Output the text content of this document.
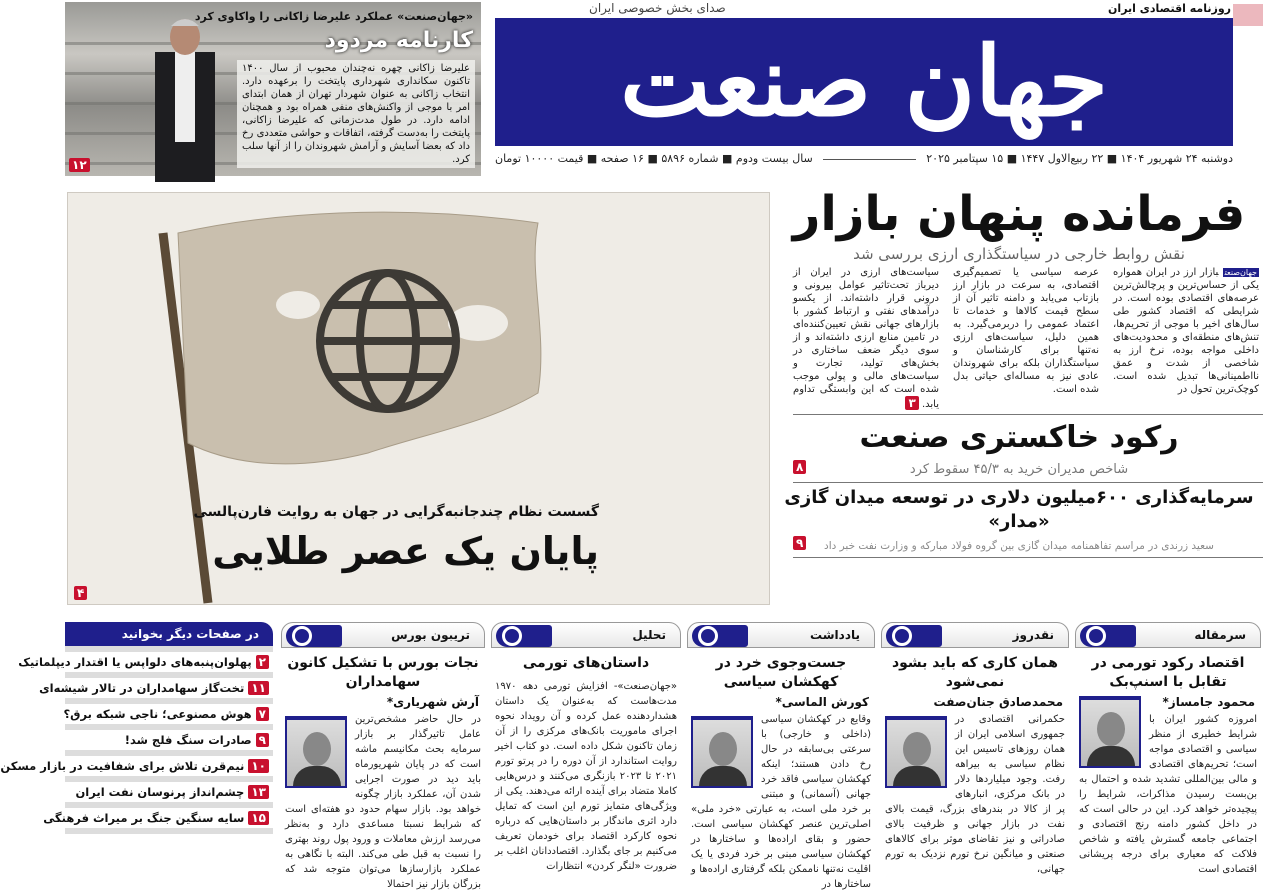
«جهان‌صنعت» عملکرد علیرضا زاکانی را واکاوی کرد
کارنامه مردود
علیرضا زاکانی چهره نه‌چندان محبوب از سال ۱۴۰۰ تاکنون سکانداری شهرداری پایتخت را برعهده دارد. انتخاب زاکانی به عنوان شهردار تهران از همان ابتدای امر با موجی از واکنش‌های منفی همراه بود و همچنان ادامه دارد. در طول مدت‌زمانی که علیرضا زاکانی، پایتخت را به‌دست گرفته، اتفاقات و حواشی متعددی رخ داد که بعضا آسایش و آرامش شهروندان را از آنها سلب کرد.
۱۲
جهان صنعت
صدای بخش خصوصی ایران	روزنامه اقتصادی ایران
دوشنبه ۲۴ شهریور ۱۴۰۴ ■ ۲۲ ربیع‌الاول ۱۴۴۷ ■ ۱۵ سپتامبر ۲۰۲۵
سال بیست ودوم ■ شماره ۵۸۹۶ ■ ۱۶ صفحه ■ قیمت ۱۰۰۰۰ تومان
گسست نظام چندجانبه‌گرایی در جهان به روایت فارن‌پالسی
پایان یک عصر طلایی
۴
فرمانده پنهان بازار
نقش روابط خارجی در سیاستگذاری ارزی بررسی شد
جهان‌صنعتبازار ارز در ایران همواره یکی از حساس‌ترین و پرچالش‌ترین عرصه‌های اقتصادی بوده است. در شرایطی که اقتصاد کشور طی سال‌های اخیر با موجی از تحریم‌ها، تنش‌های منطقه‌ای و محدودیت‌های داخلی مواجه بوده، نرخ ارز به شاخصی از شدت و عمق نااطمینانی‌ها تبدیل شده است. کوچک‌ترین تحول در
عرصه سیاسی یا تصمیم‌گیری اقتصادی، به سرعت در بازار ارز بازتاب می‌یابد و دامنه تاثیر آن از سطح قیمت کالاها و خدمات تا اعتماد عمومی را دربرمی‌گیرد. به همین دلیل، سیاست‌های ارزی نه‌تنها برای کارشناسان و سیاستگذاران بلکه برای شهروندان عادی نیز به مساله‌ای حیاتی بدل شده است.
سیاست‌های ارزی در ایران از دیرباز تحت‌تاثیر عوامل بیرونی و درونی قرار داشته‌اند. از یکسو درآمدهای نفتی و ارتباط کشور با بازارهای جهانی نقش تعیین‌کننده‌ای در تامین منابع ارزی داشته‌اند و از سوی دیگر ضعف ساختاری در بخش‌های تولید، تجارت و سیاست‌های مالی و پولی موجب شده است که این وابستگی تداوم یابد. ۳
رکود خاکستری صنعت
شاخص مدیران خرید به ۴۵/۳ سقوط کرد
۸
سرمایه‌گذاری ۶۰۰میلیون دلاری در توسعه میدان گازی «مدار»
سعید زرندی در مراسم تفاهمنامه میدان گازی بین گروه فولاد مبارکه و وزارت نفت خبر داد
۹
در صفحات دیگر بخوانید
۲پهلوان‌پنبه‌های دلواپس یا اقتدار دیپلماتیک
۱۱تخت‌گاز سهامداران در تالار شیشه‌ای
۷هوش مصنوعی؛ ناجی شبکه برق؟
۹صادرات سنگ فلج شد!
۱۰نیم‌قرن تلاش برای شفافیت در بازار مسکن
۱۳چشم‌انداز پرنوسان نفت ایران
۱۵سایه سنگین جنگ بر میراث فرهنگی
سرمقاله
اقتصاد رکود تورمی در تقابل با اسنپ‌بک
محمود جامساز*
امروزه کشور ایران با شرایط خطیری از منظر سیاسی و اقتصادی مواجه است؛ تحریم‌های اقتصادی و مالی بین‌المللی تشدید شده و احتمال به بن‌بست رسیدن مذاکرات، شرایط را پیچیده‌تر خواهد کرد. این در حالی است که در داخل کشور دامنه رنج اقتصادی و اجتماعی جامعه گسترش یافته و شاخص فلاکت که معیاری برای درجه پریشانی اقتصادی است
نقدروز
همان کاری که باید بشود نمی‌شود
محمدصادق جنان‌صفت
حکمرانی اقتصادی در جمهوری اسلامی ایران از همان روزهای تاسیس این نظام سیاسی به بیراهه رفت. وجود میلیاردها دلار در بانک مرکزی، انبارهای پر از کالا در بندرهای بزرگ، قیمت بالای نفت در بازار جهانی و ظرفیت بالای صادراتی و نیز تقاضای موثر برای کالاهای صنعتی و میانگین نرخ تورم نزدیک به تورم جهانی،
یادداشت
جست‌وجوی خرد در کهکشان سیاسی
کورش الماسی*
وقایع در کهکشان سیاسی (داخلی و خارجی) با سرعتی بی‌سابقه در حال رخ دادن هستند؛ اینکه کهکشان سیاسی فاقد خرد جهانی (آسمانی) و مبتنی بر خرد ملی است، به عبارتی «خرد ملی» اصلی‌ترین عنصر کهکشان سیاسی است. حضور و بقای اراده‌ها و ساختارها در کهکشان سیاسی مبنی بر خرد فردی یا یک اقلیت نه‌تنها ناممکن بلکه گرفتاری اراده‌ها و ساختارها در
تحلیل
داستان‌های تورمی
«جهان‌صنعت»- افزایش تورمی دهه ۱۹۷۰ مدت‌هاست که به‌عنوان یک داستان هشداردهنده عمل کرده و آن رویداد نحوه اجرای ماموریت بانک‌های مرکزی را از آن زمان تاکنون شکل داده است. دو کتاب اخیر روایت استاندارد از آن دوره را در پرتو تورم ۲۰۲۱ تا ۲۰۲۳ بازنگری می‌کنند و درس‌هایی کاملا متضاد برای آینده ارائه می‌دهند. یکی از ویژگی‌های متمایز تورم این است که تمایل دارد اثری ماندگار بر داستان‌هایی که درباره نحوه کارکرد اقتصاد برای خودمان تعریف می‌کنیم بر جای بگذارد. اقتصاددانان اغلب بر ضرورت «لنگر کردن» انتظارات
تریبون بورس
نجات بورس با تشکیل کانون سهامداران
آرش شهریاری*
در حال حاضر مشخص‌ترین عامل تاثیرگذار بر بازار سرمایه بحث مکانیسم ماشه است که در پایان شهریورماه باید دید در صورت اجرایی شدن آن، عملکرد بازار چگونه خواهد بود. بازار سهام حدود دو هفته‌ای است که شرایط نسبتا مساعدی دارد و به‌نظر می‌رسد ارزش معاملات و ورود پول روند بهتری را نسبت به قبل طی می‌کند. البته با نگاهی به عملکرد بازارسازها می‌توان متوجه شد که بزرگان بازار نیز احتمالا
